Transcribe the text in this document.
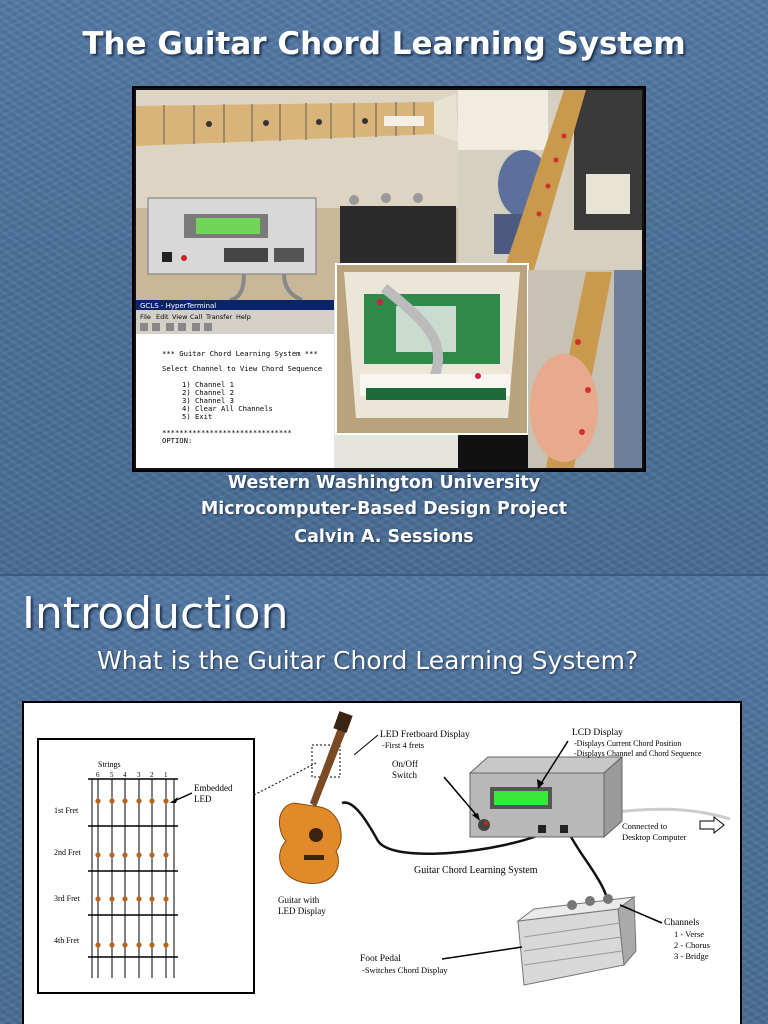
The Guitar Chord Learning System
GCLS - HyperTerminal
File Edit View Call Transfer Help
*** Guitar Chord Learning System ***
Select Channel to View Chord Sequence
1) Channel 1
2) Channel 2
3) Channel 3
4) Clear All Channels
5) Exit
******************************
OPTION:
Western Washington University
Microcomputer-Based Design Project
Calvin A. Sessions
Introduction
What is the Guitar Chord Learning System?
Strings
6 5 4 3 2 1
1st Fret
2nd Fret
3rd Fret
4th Fret
Embedded
LED
Guitar with
LED Display
LED Fretboard Display
-First 4 frets
LCD Display
-Displays Current Chord Position
-Displays Channel and Chord Sequence
On/Off
Switch
Connected to
Desktop Computer
Guitar Chord Learning System
Channels
1 - Verse
2 - Chorus
3 - Bridge
Foot Pedal
-Switches Chord Display
